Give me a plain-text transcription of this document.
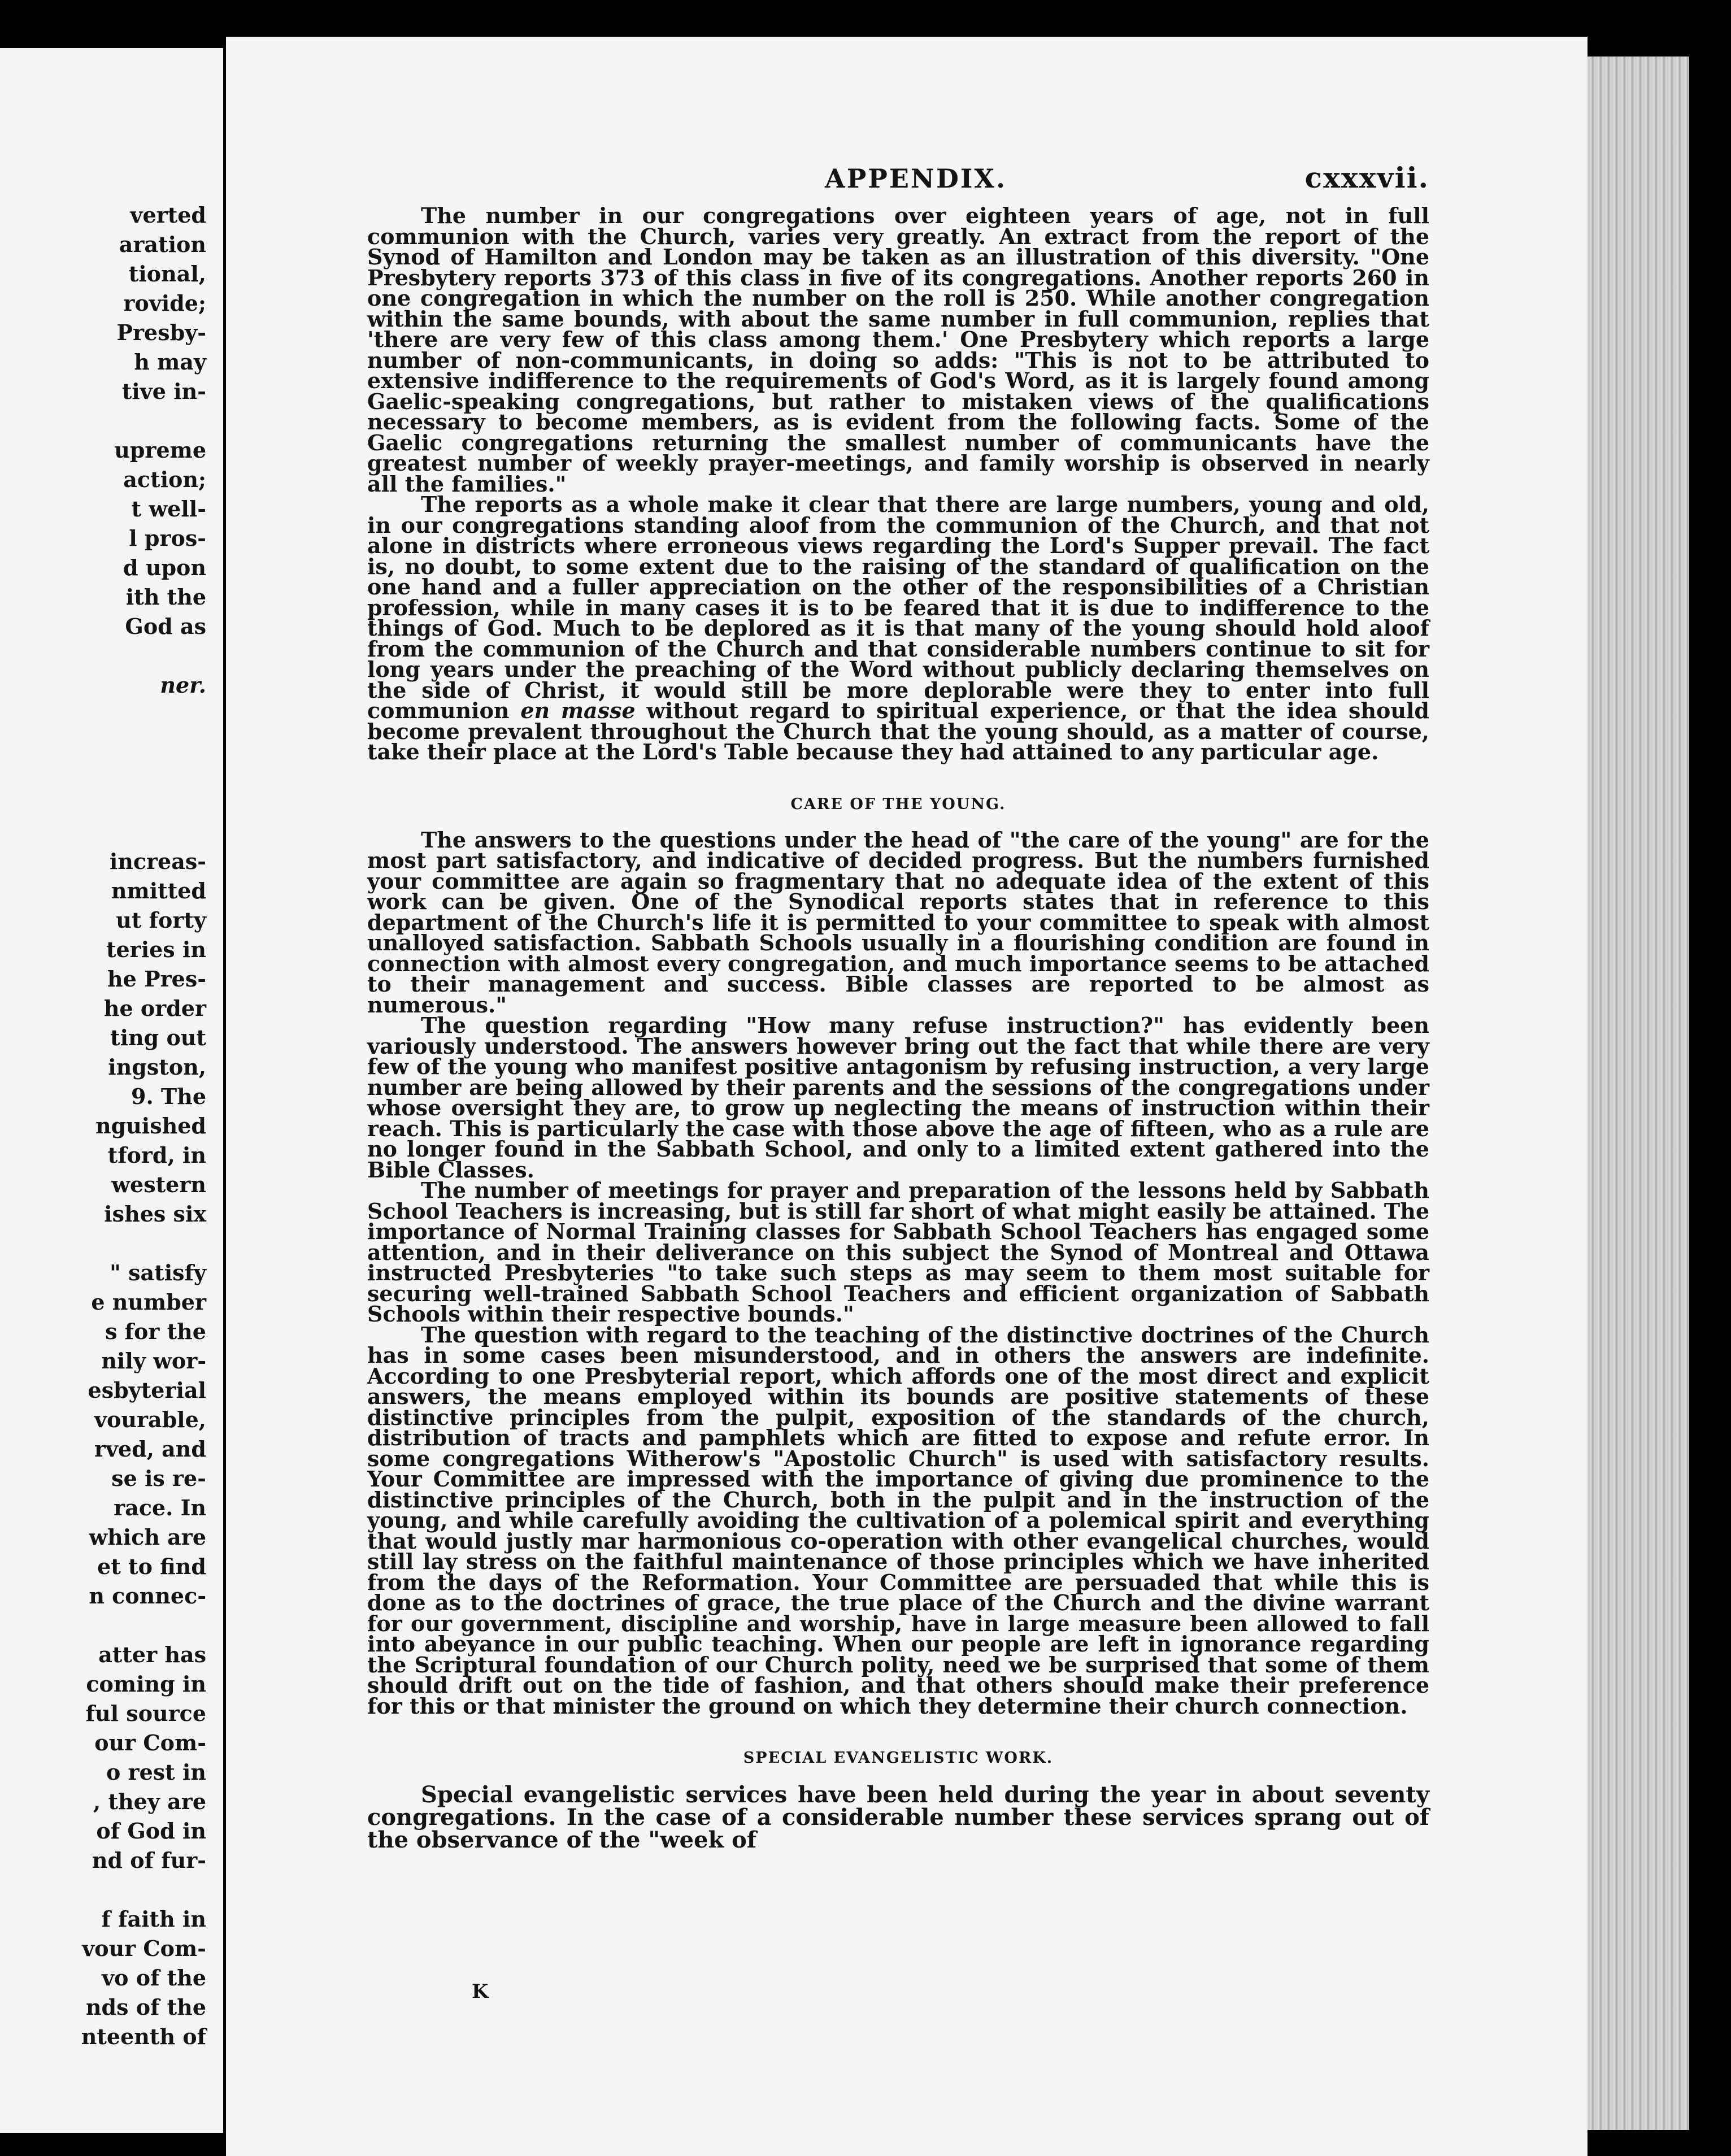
verted
aration
tional,
rovide;
Presby-
h may
tive in-
upreme
action;
t well-
l pros-
d upon
ith the
God as
ner.
increas-
nmitted
ut forty
teries in
he Pres-
he order
ting out
ingston,
9. The
nguished
tford, in
western
ishes six
" satisfy
e number
s for the
nily wor-
esbyterial
vourable,
rved, and
se is re-
race. In
which are
et to find
n connec-
atter has
coming in
ful source
our Com-
o rest in
, they are
of God in
nd of fur-
f faith in
vour Com-
vo of the
nds of the
nteenth of
APPENDIX.	cxxxvii.

The number in our congregations over eighteen years of age, not in full communion with the Church, varies very greatly. An extract from the report of the Synod of Hamilton and London may be taken as an illustration of this diversity. "One Presbytery reports 373 of this class in five of its congregations. Another reports 260 in one congregation in which the number on the roll is 250. While another congregation within the same bounds, with about the same number in full communion, replies that 'there are very few of this class among them.' One Presbytery which reports a large number of non-communicants, in doing so adds: "This is not to be attributed to extensive indifference to the requirements of God's Word, as it is largely found among Gaelic-speaking congregations, but rather to mistaken views of the qualifications necessary to become members, as is evident from the following facts. Some of the Gaelic congregations returning the smallest number of communicants have the greatest number of weekly prayer-meetings, and family worship is observed in nearly all the families."

The reports as a whole make it clear that there are large numbers, young and old, in our congregations standing aloof from the communion of the Church, and that not alone in districts where erroneous views regarding the Lord's Supper prevail. The fact is, no doubt, to some extent due to the raising of the standard of qualification on the one hand and a fuller appreciation on the other of the responsibilities of a Christian profession, while in many cases it is to be feared that it is due to indifference to the things of God. Much to be deplored as it is that many of the young should hold aloof from the communion of the Church and that considerable numbers continue to sit for long years under the preaching of the Word without publicly declaring themselves on the side of Christ, it would still be more deplorable were they to enter into full communion en masse without regard to spiritual experience, or that the idea should become prevalent throughout the Church that the young should, as a matter of course, take their place at the Lord's Table because they had attained to any particular age.

CARE OF THE YOUNG.

The answers to the questions under the head of "the care of the young" are for the most part satisfactory, and indicative of decided progress. But the numbers furnished your committee are again so fragmentary that no adequate idea of the extent of this work can be given. One of the Synodical reports states that in reference to this department of the Church's life it is permitted to your committee to speak with almost unalloyed satisfaction. Sabbath Schools usually in a flourishing condition are found in connection with almost every congregation, and much importance seems to be attached to their management and success. Bible classes are reported to be almost as numerous."

The question regarding "How many refuse instruction?" has evidently been variously understood. The answers however bring out the fact that while there are very few of the young who manifest positive antagonism by refusing instruction, a very large number are being allowed by their parents and the sessions of the congregations under whose oversight they are, to grow up neglecting the means of instruction within their reach. This is particularly the case with those above the age of fifteen, who as a rule are no longer found in the Sabbath School, and only to a limited extent gathered into the Bible Classes.

The number of meetings for prayer and preparation of the lessons held by Sabbath School Teachers is increasing, but is still far short of what might easily be attained. The importance of Normal Training classes for Sabbath School Teachers has engaged some attention, and in their deliverance on this subject the Synod of Montreal and Ottawa instructed Presbyteries "to take such steps as may seem to them most suitable for securing well-trained Sabbath School Teachers and efficient organization of Sabbath Schools within their respective bounds."

The question with regard to the teaching of the distinctive doctrines of the Church has in some cases been misunderstood, and in others the answers are indefinite. According to one Presbyterial report, which affords one of the most direct and explicit answers, the means employed within its bounds are positive statements of these distinctive principles from the pulpit, exposition of the standards of the church, distribution of tracts and pamphlets which are fitted to expose and refute error. In some congregations Witherow's "Apostolic Church" is used with satisfactory results. Your Committee are impressed with the importance of giving due prominence to the distinctive principles of the Church, both in the pulpit and in the instruction of the young, and while carefully avoiding the cultivation of a polemical spirit and everything that would justly mar harmonious co-operation with other evangelical churches, would still lay stress on the faithful maintenance of those principles which we have inherited from the days of the Reformation. Your Committee are persuaded that while this is done as to the doctrines of grace, the true place of the Church and the divine warrant for our government, discipline and worship, have in large measure been allowed to fall into abeyance in our public teaching. When our people are left in ignorance regarding the Scriptural foundation of our Church polity, need we be surprised that some of them should drift out on the tide of fashion, and that others should make their preference for this or that minister the ground on which they determine their church connection.

SPECIAL EVANGELISTIC WORK.

Special evangelistic services have been held during the year in about seventy congregations. In the case of a considerable number these services sprang out of the observance of the "week of

K
